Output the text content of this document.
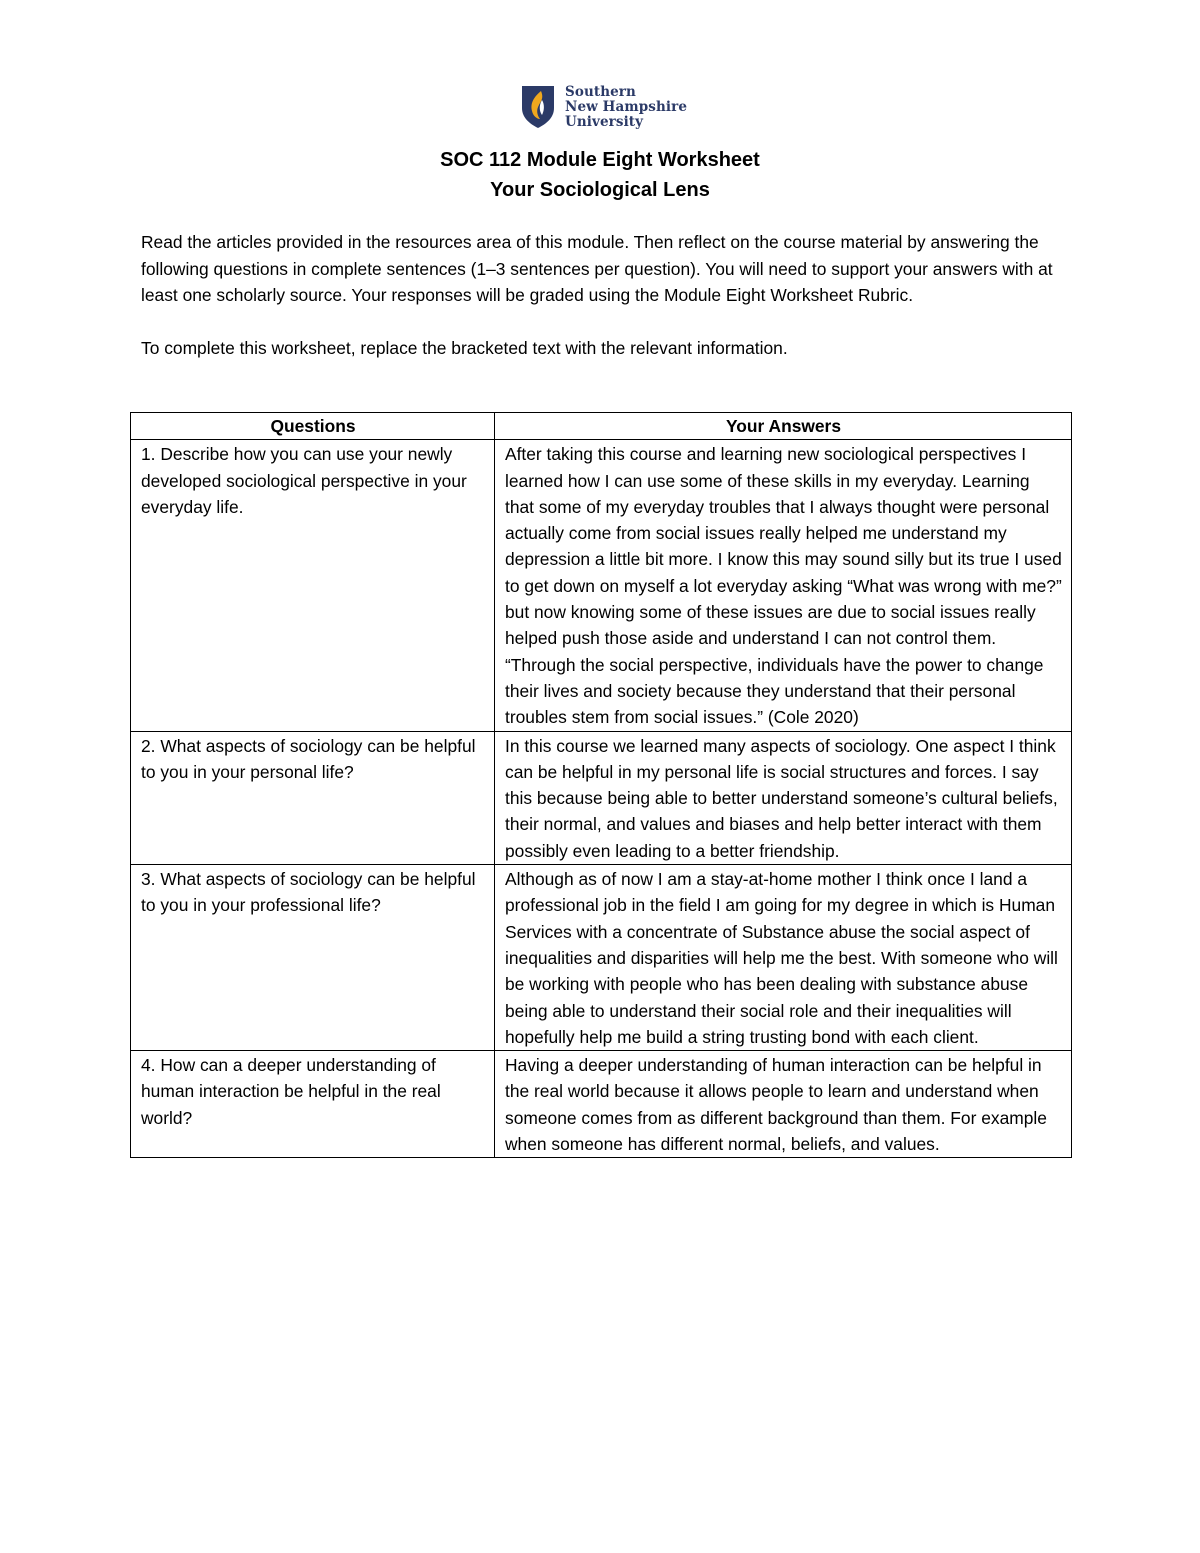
Southern
New Hampshire
University
SOC 112 Module Eight Worksheet
Your Sociological Lens

Read the articles provided in the resources area of this module. Then reflect on the course material by answering the following questions in complete sentences (1–3 sentences per question). You will need to support your answers with at least one scholarly source. Your responses will be graded using the Module Eight Worksheet Rubric.

To complete this worksheet, replace the bracketed text with the relevant information.

Questions	Your Answers
1. Describe how you can use your newly developed sociological perspective in your everyday life.	After taking this course and learning new sociological perspectives I learned how I can use some of these skills in my everyday. Learning that some of my everyday troubles that I always thought were personal actually come from social issues really helped me understand my depression a little bit more. I know this may sound silly but its true I used to get down on myself a lot everyday asking “What was wrong with me?” but now knowing some of these issues are due to social issues really helped push those aside and understand I can not control them. “Through the social perspective, individuals have the power to change their lives and society because they understand that their personal troubles stem from social issues.” (Cole 2020)
2. What aspects of sociology can be helpful to you in your personal life?	In this course we learned many aspects of sociology. One aspect I think can be helpful in my personal life is social structures and forces. I say this because being able to better understand someone’s cultural beliefs, their normal, and values and biases and help better interact with them possibly even leading to a better friendship.
3. What aspects of sociology can be helpful to you in your professional life?	Although as of now I am a stay-at-home mother I think once I land a professional job in the field I am going for my degree in which is Human Services with a concentrate of Substance abuse the social aspect of inequalities and disparities will help me the best. With someone who will be working with people who has been dealing with substance abuse being able to understand their social role and their inequalities will hopefully help me build a string trusting bond with each client.
4. How can a deeper understanding of human interaction be helpful in the real world?	Having a deeper understanding of human interaction can be helpful in the real world because it allows people to learn and understand when someone comes from as different background than them. For example when someone has different normal, beliefs, and values.
